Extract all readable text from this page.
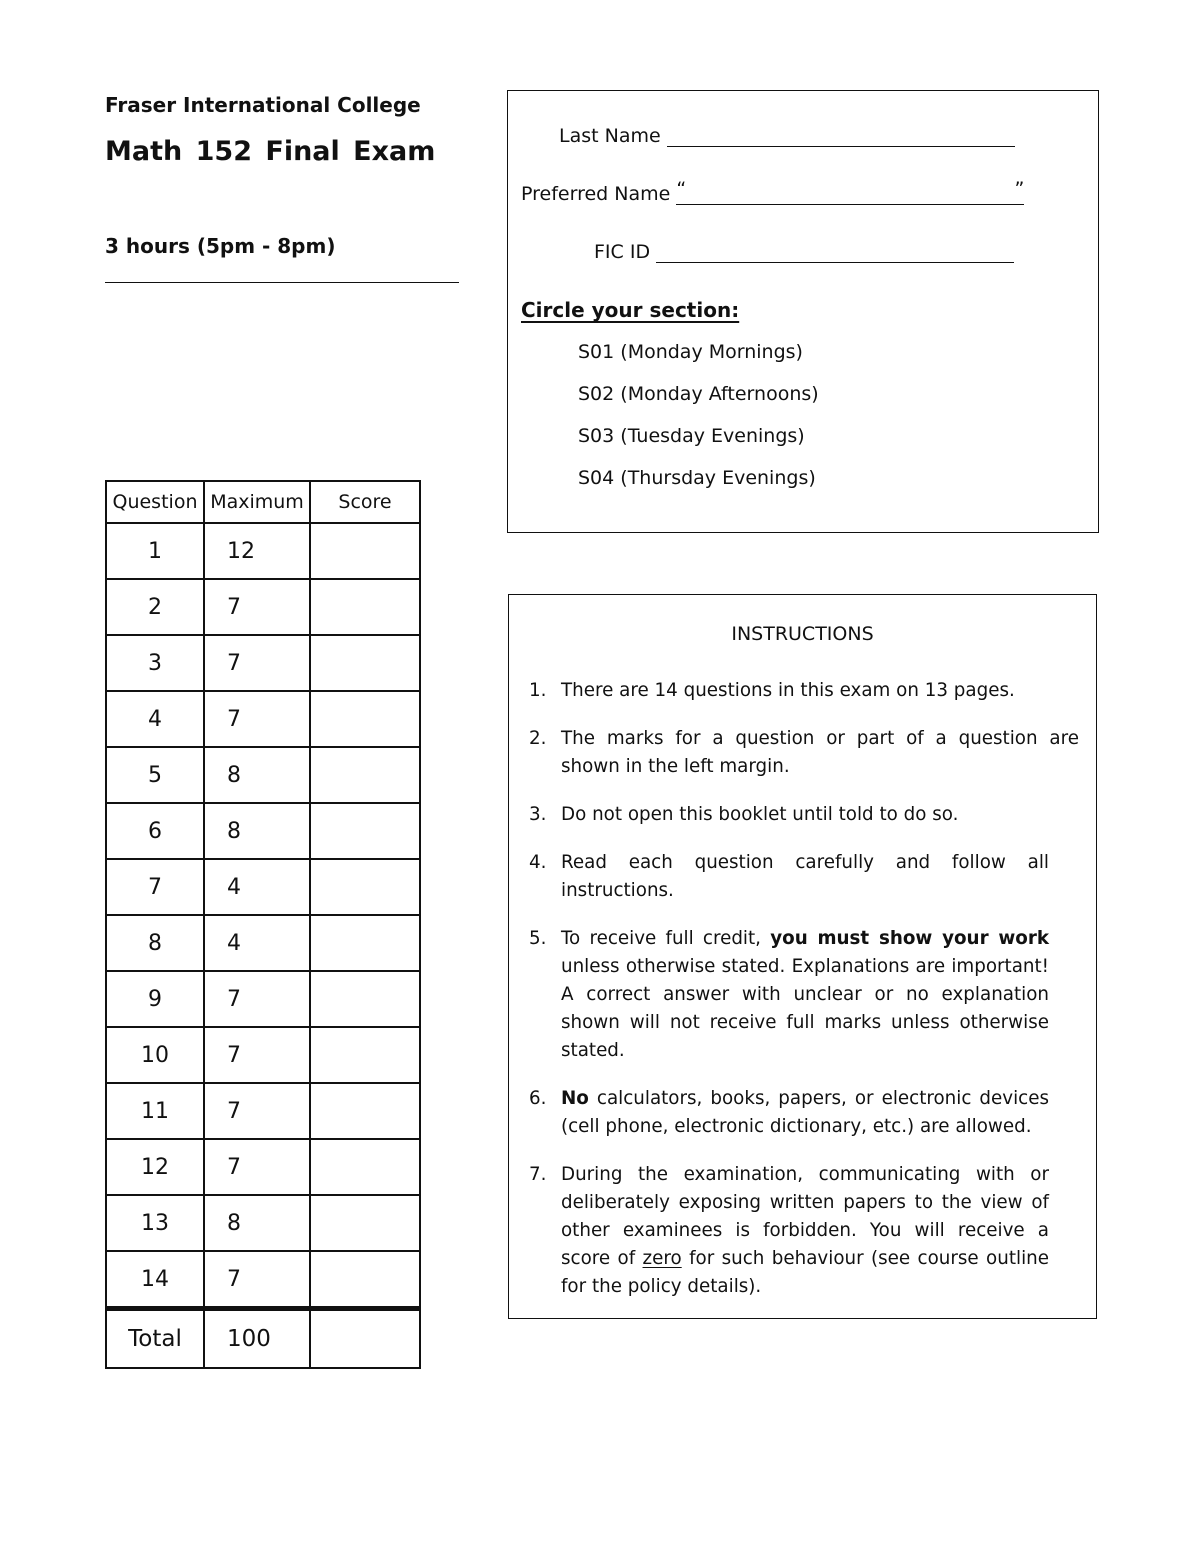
Fraser International College
Math 152 Final Exam
3 hours (5pm - 8pm)
Last Name
Preferred Name “	”
FIC ID
Circle your section:
S01 (Monday Mornings)
S02 (Monday Afternoons)
S03 (Tuesday Evenings)
S04 (Thursday Evenings)
Question	Maximum	Score
1	12	
2	7	
3	7	
4	7	
5	8	
6	8	
7	4	
8	4	
9	7	
10	7	
11	7	
12	7	
13	8	
14	7	
Total	100	
INSTRUCTIONS
1. There are 14 questions in this exam on 13 pages.
2. The marks for a question or part of a question are shown in the left margin.
3. Do not open this booklet until told to do so.
4. Read each question carefully and follow all instructions.
5. To receive full credit, you must show your work unless otherwise stated. Explanations are important! A correct answer with unclear or no explanation shown will not receive full marks unless otherwise stated.
6. No calculators, books, papers, or electronic devices (cell phone, electronic dictionary, etc.) are allowed.
7. During the examination, communicating with or deliberately exposing written papers to the view of other examinees is forbidden. You will receive a score of zero for such behaviour (see course outline for the policy details).
